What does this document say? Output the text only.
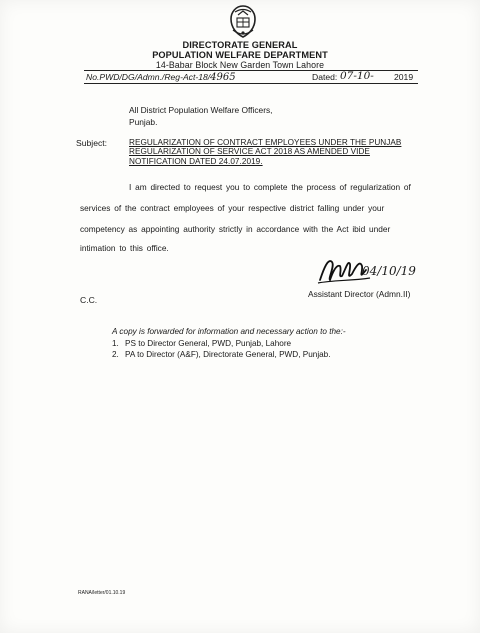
DIRECTORATE GENERAL
POPULATION WELFARE DEPARTMENT
14-Babar Block New Garden Town Lahore
No.PWD/DG/Admn./Reg-Act-18/4965	Dated: 07-10- 2019
All District Population Welfare Officers,
Punjab.
Subject:	REGULARIZATION OF CONTRACT EMPLOYEES UNDER THE PUNJAB
REGULARIZATION OF SERVICE ACT 2018 AS AMENDED VIDE
NOTIFICATION DATED 24.07.2019.
I am directed to request you to complete the process of regularization of
services of the contract employees of your respective district falling under your
competency as appointing authority strictly in accordance with the Act ibid under
intimation to this office.
04/10/19
Assistant Director (Admn.II)
C.C.
A copy is forwarded for information and necessary action to the:-
1. PS to Director General, PWD, Punjab, Lahore
2. PA to Director (A&F), Directorate General, PWD, Punjab.
RANA/letter/01.10.19
